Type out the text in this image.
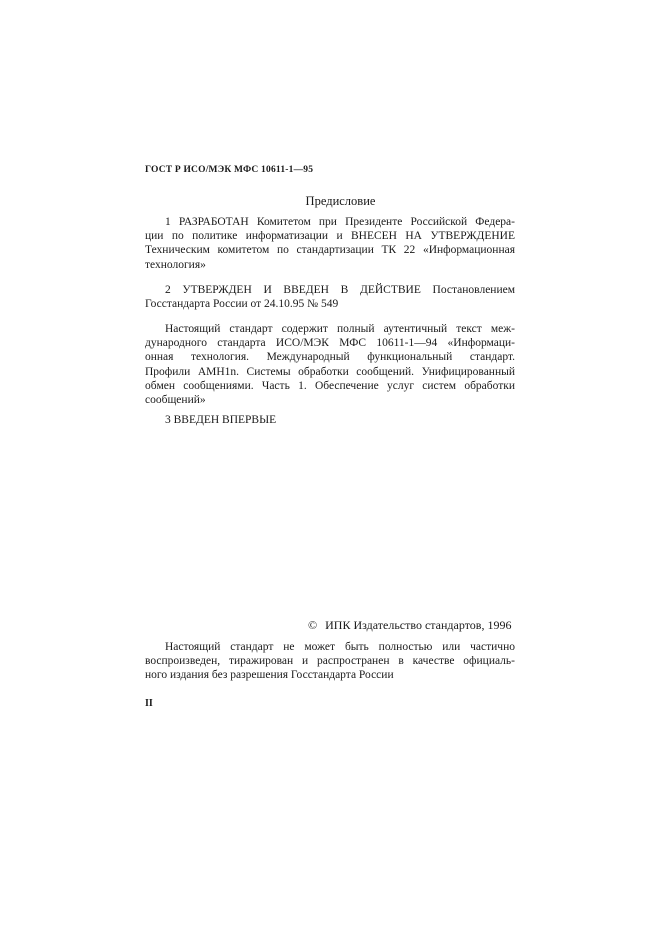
ГОСТ Р ИСО/МЭК МФС 10611-1—95
Предисловие
1 РАЗРАБОТАН Комитетом при Президенте Российской Федера-
ции по политике информатизации и ВНЕСЕН НА УТВЕРЖДЕНИЕ
Техническим комитетом по стандартизации ТК 22 «Информационная
технология»
2 УТВЕРЖДЕН И ВВЕДЕН В ДЕЙСТВИЕ Постановлением
Госстандарта России от 24.10.95 № 549
Настоящий стандарт содержит полный аутентичный текст меж-
дународного стандарта ИСО/МЭК МФС 10611-1—94 «Информаци-
онная технология. Международный функциональный стандарт.
Профили AMH1n. Системы обработки сообщений. Унифицированный
обмен сообщениями. Часть 1. Обеспечение услуг систем обработки
сообщений»
3 ВВЕДЕН ВПЕРВЫЕ
© ИПК Издательство стандартов, 1996
Настоящий стандарт не может быть полностью или частично
воспроизведен, тиражирован и распространен в качестве официаль-
ного издания без разрешения Госстандарта России
II
